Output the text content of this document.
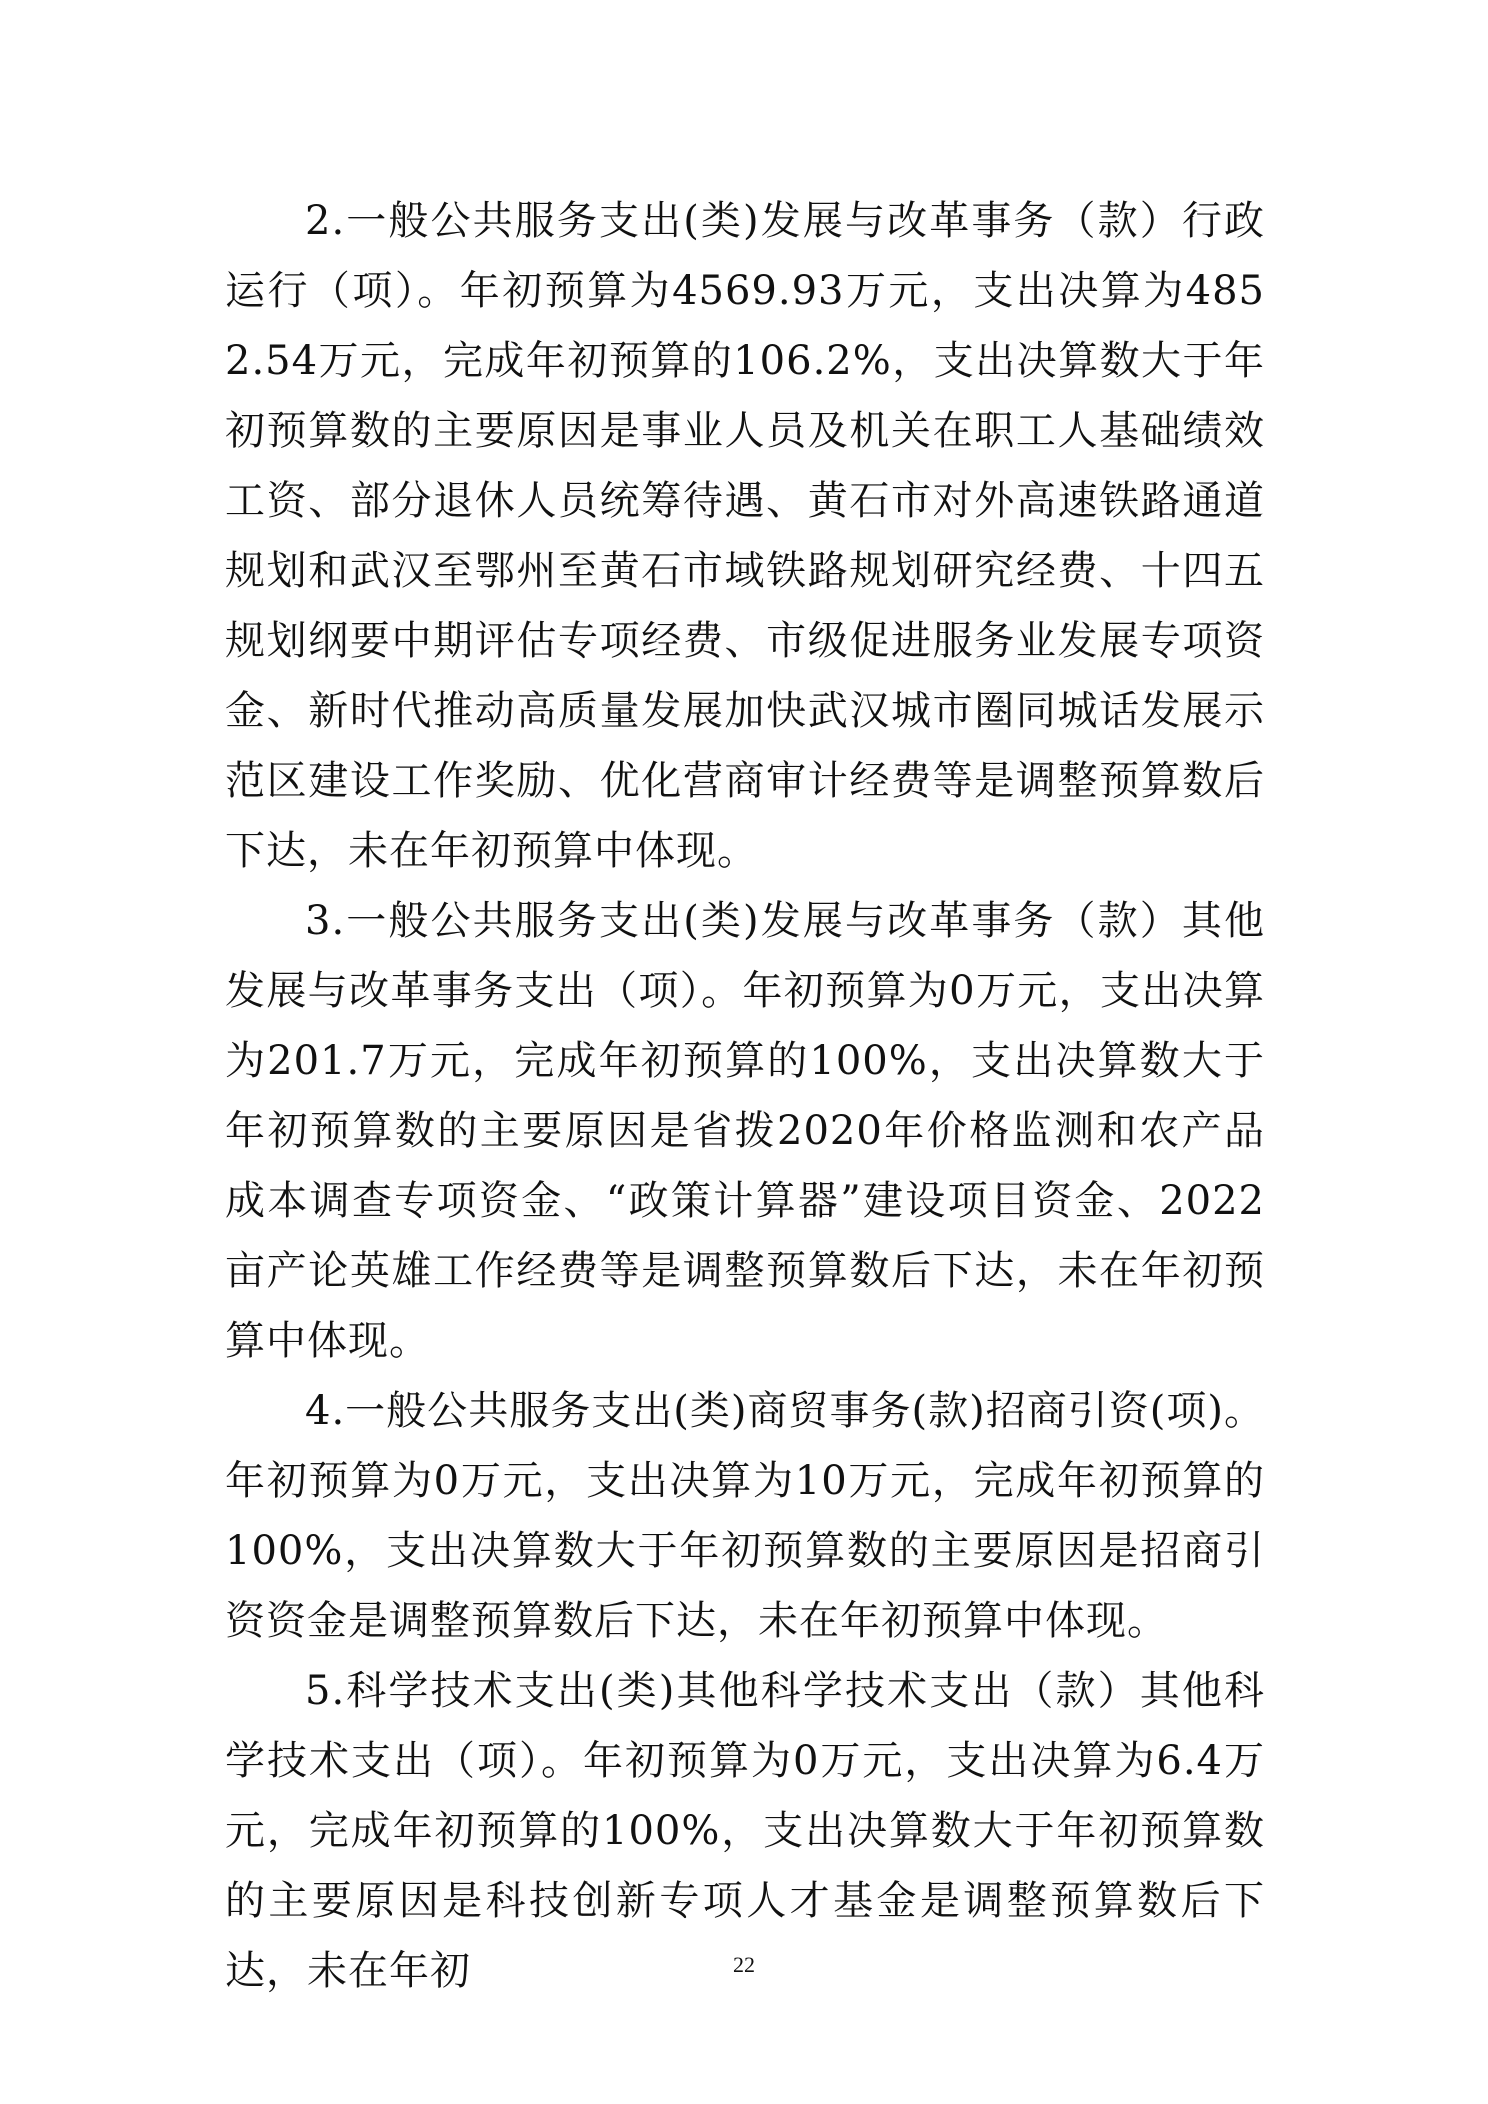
2.一般公共服务支出(类)发展与改革事务（款）行政运行（项）。年初预算为4569.93万元，支出决算为4852.54万元，完成年初预算的106.2%，支出决算数大于年初预算数的主要原因是事业人员及机关在职工人基础绩效工资、部分退休人员统筹待遇、黄石市对外高速铁路通道规划和武汉至鄂州至黄石市域铁路规划研究经费、十四五规划纲要中期评估专项经费、市级促进服务业发展专项资金、新时代推动高质量发展加快武汉城市圈同城话发展示范区建设工作奖励、优化营商审计经费等是调整预算数后下达，未在年初预算中体现。

3.一般公共服务支出(类)发展与改革事务（款）其他发展与改革事务支出（项）。年初预算为0万元，支出决算为201.7万元，完成年初预算的100%，支出决算数大于年初预算数的主要原因是省拨2020年价格监测和农产品成本调查专项资金、“政策计算器”建设项目资金、2022亩产论英雄工作经费等是调整预算数后下达，未在年初预算中体现。

4.一般公共服务支出(类)商贸事务(款)招商引资(项)。年初预算为0万元，支出决算为10万元，完成年初预算的100%，支出决算数大于年初预算数的主要原因是招商引资资金是调整预算数后下达，未在年初预算中体现。

5.科学技术支出(类)其他科学技术支出（款）其他科学技术支出（项）。年初预算为0万元，支出决算为6.4万元，完成年初预算的100%，支出决算数大于年初预算数的主要原因是科技创新专项人才基金是调整预算数后下达，未在年初	22
